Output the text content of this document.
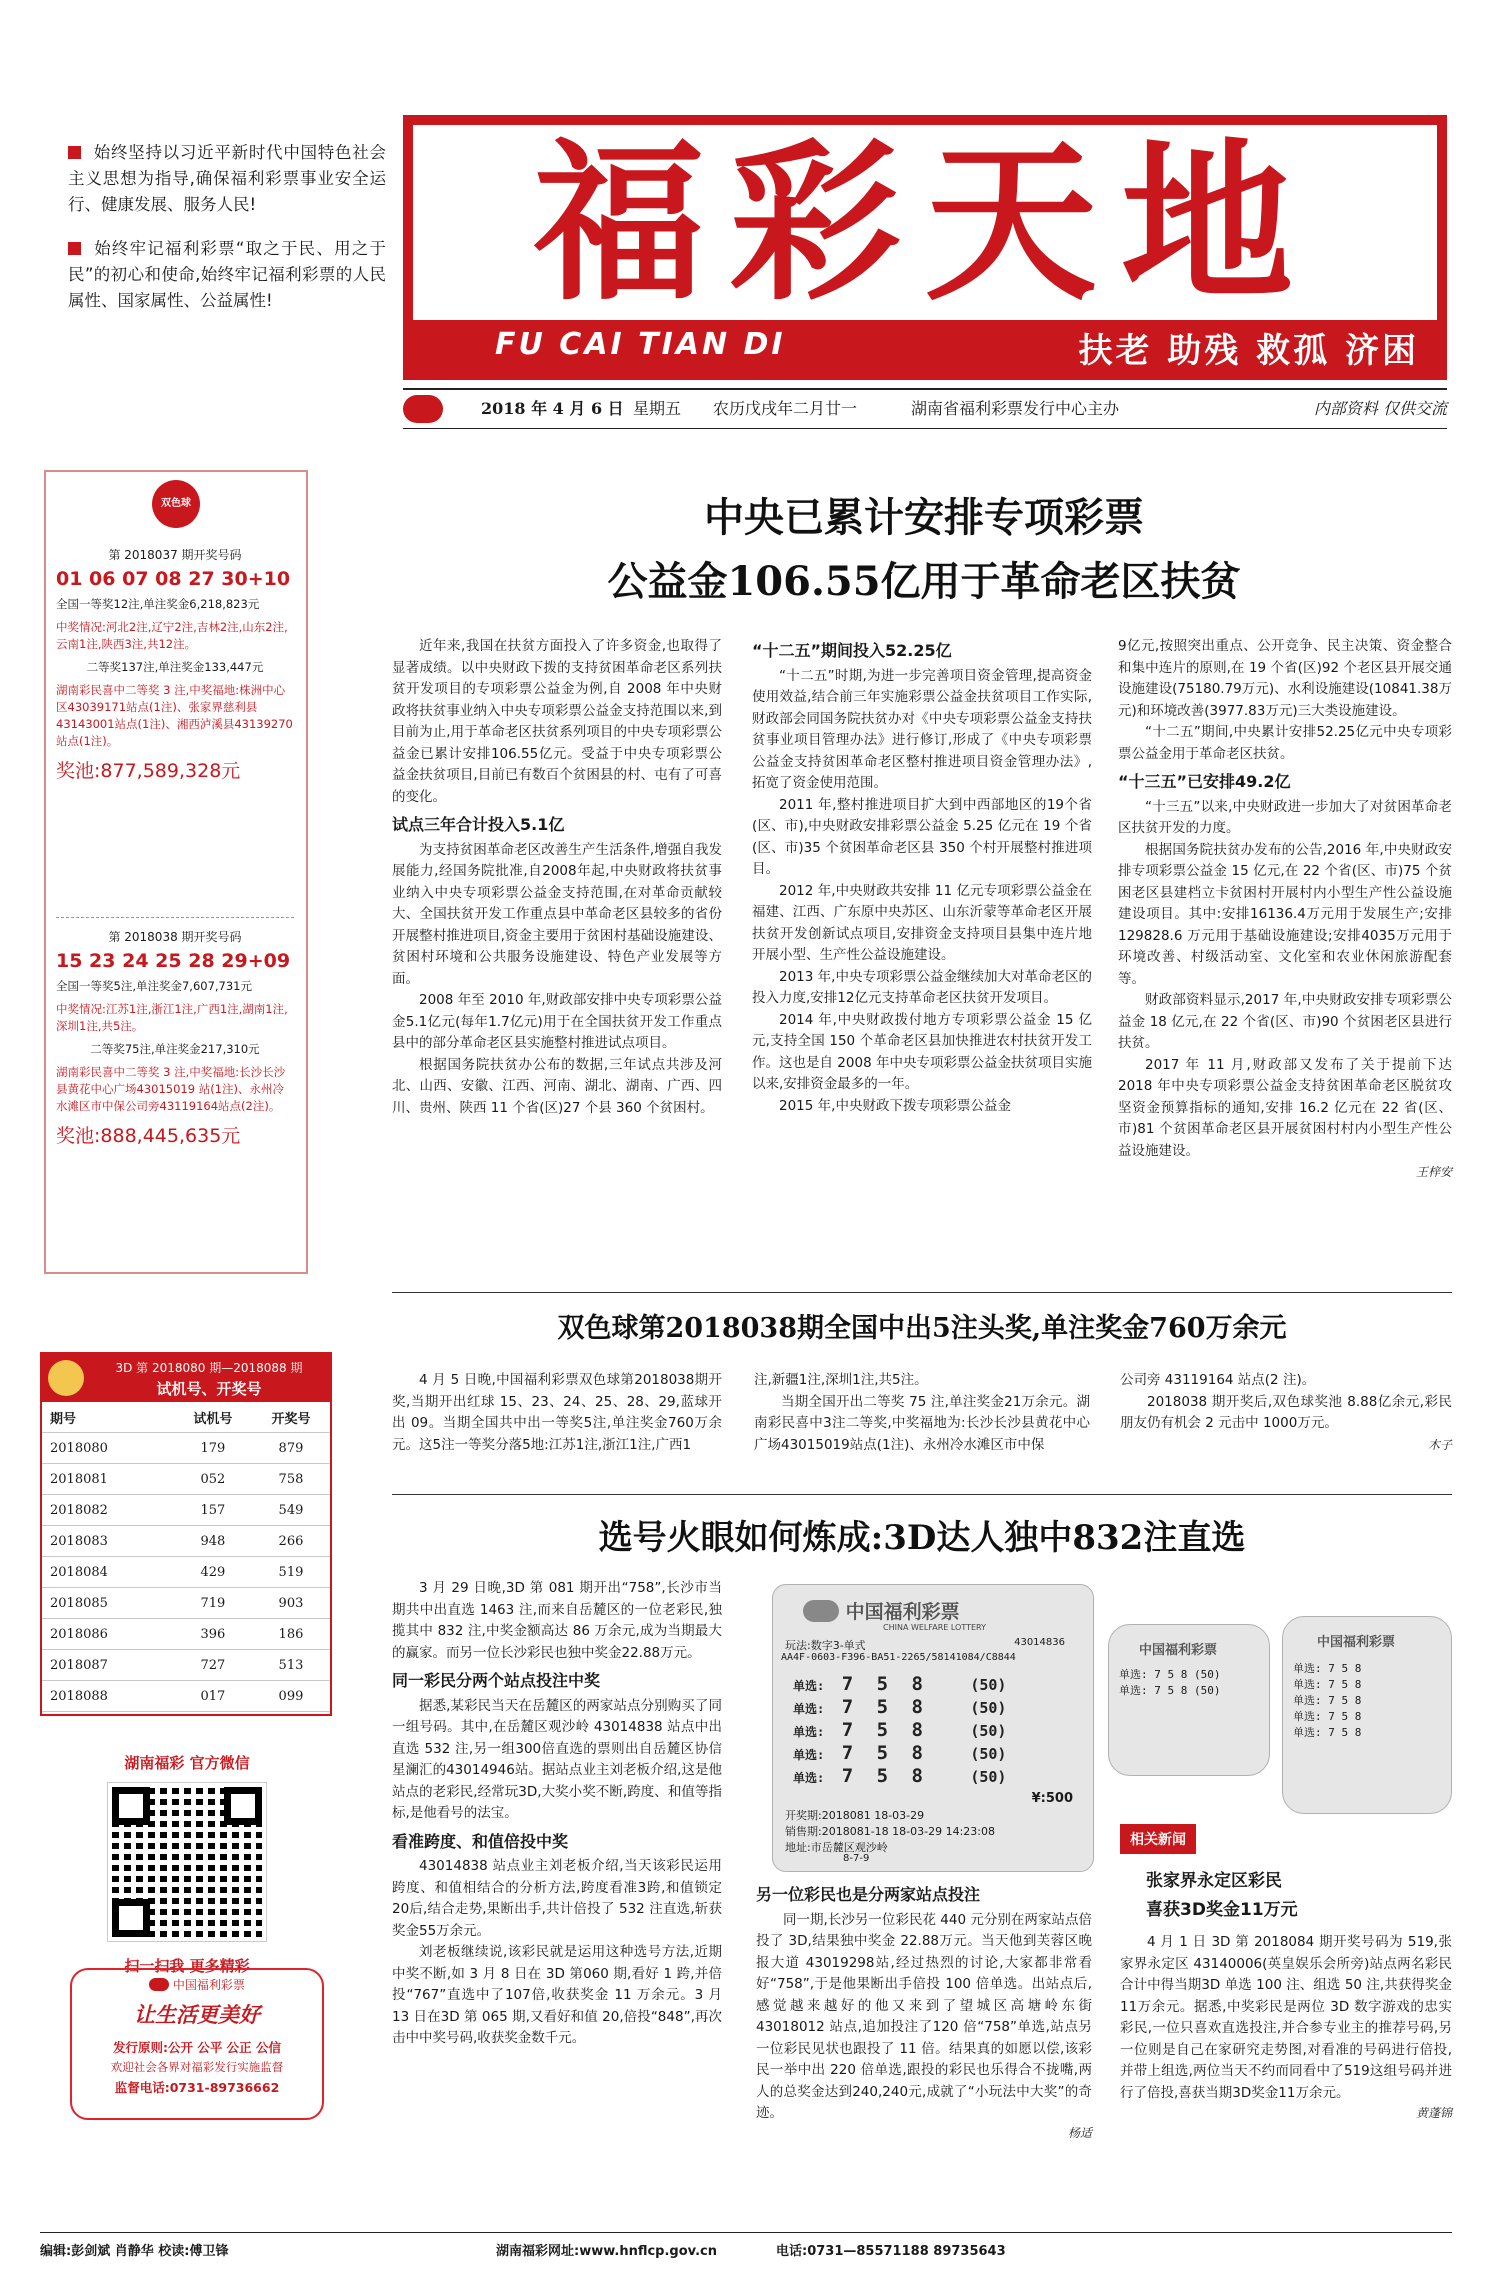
始终坚持以习近平新时代中国特色社会主义思想为指导,确保福利彩票事业安全运行、健康发展、服务人民!
始终牢记福利彩票“取之于民、用之于民”的初心和使命,始终牢记福利彩票的人民属性、国家属性、公益属性!	福彩天地
FU CAI TIAN DI	扶老 助残 救孤 济困
2018 年 4 月 6 日 星期五 农历戊戌年二月廿一	湖南省福利彩票发行中心主办	内部资料 仅供交流
双色球
第 2018037 期开奖号码
01 06 07 08 27 30+10
全国一等奖12注,单注奖金6,218,823元
中奖情况:河北2注,辽宁2注,吉林2注,山东2注,云南1注,陕西3注,共12注。
二等奖137注,单注奖金133,447元
湖南彩民喜中二等奖 3 注,中奖福地:株洲中心区43039171站点(1注)、张家界慈利县43143001站点(1注)、湘西泸溪县43139270站点(1注)。
奖池:877,589,328元
第 2018038 期开奖号码
15 23 24 25 28 29+09
全国一等奖5注,单注奖金7,607,731元
中奖情况:江苏1注,浙江1注,广西1注,湖南1注,深圳1注,共5注。
二等奖75注,单注奖金217,310元
湖南彩民喜中二等奖 3 注,中奖福地:长沙长沙县黄花中心广场43015019 站(1注)、永州冷水滩区市中保公司旁43119164站点(2注)。
奖池:888,445,635元
3D 第 2018080 期—2018088 期
试机号、开奖号
期号	试机号	开奖号
2018080	179	879
2018081	052	758
2018082	157	549
2018083	948	266
2018084	429	519
2018085	719	903
2018086	396	186
2018087	727	513
2018088	017	099
湖南福彩 官方微信
扫一扫我 更多精彩
中国福利彩票
让生活更美好
发行原则:公开 公平 公正 公信
欢迎社会各界对福彩发行实施监督
监督电话:0731-89736662
中央已累计安排专项彩票
公益金106.55亿用于革命老区扶贫

近年来,我国在扶贫方面投入了许多资金,也取得了显著成绩。以中央财政下拨的支持贫困革命老区系列扶贫开发项目的专项彩票公益金为例,自 2008 年中央财政将扶贫事业纳入中央专项彩票公益金支持范围以来,到目前为止,用于革命老区扶贫系列项目的中央专项彩票公益金已累计安排106.55亿元。受益于中央专项彩票公益金扶贫项目,目前已有数百个贫困县的村、屯有了可喜的变化。

试点三年合计投入5.1亿

为支持贫困革命老区改善生产生活条件,增强自我发展能力,经国务院批准,自2008年起,中央财政将扶贫事业纳入中央专项彩票公益金支持范围,在对革命贡献较大、全国扶贫开发工作重点县中革命老区县较多的省份开展整村推进项目,资金主要用于贫困村基础设施建设、贫困村环境和公共服务设施建设、特色产业发展等方面。

2008 年至 2010 年,财政部安排中央专项彩票公益金5.1亿元(每年1.7亿元)用于在全国扶贫开发工作重点县中的部分革命老区县实施整村推进试点项目。

根据国务院扶贫办公布的数据,三年试点共涉及河北、山西、安徽、江西、河南、湖北、湖南、广西、四川、贵州、陕西 11 个省(区)27 个县 360 个贫困村。

“十二五”期间投入52.25亿

“十二五”时期,为进一步完善项目资金管理,提高资金使用效益,结合前三年实施彩票公益金扶贫项目工作实际,财政部会同国务院扶贫办对《中央专项彩票公益金支持扶贫事业项目管理办法》进行修订,形成了《中央专项彩票公益金支持贫困革命老区整村推进项目资金管理办法》,拓宽了资金使用范围。

2011 年,整村推进项目扩大到中西部地区的19个省(区、市),中央财政安排彩票公益金 5.25 亿元在 19 个省(区、市)35 个贫困革命老区县 350 个村开展整村推进项目。

2012 年,中央财政共安排 11 亿元专项彩票公益金在福建、江西、广东原中央苏区、山东沂蒙等革命老区开展扶贫开发创新试点项目,安排资金支持项目县集中连片地开展小型、生产性公益设施建设。

2013 年,中央专项彩票公益金继续加大对革命老区的投入力度,安排12亿元支持革命老区扶贫开发项目。

2014 年,中央财政拨付地方专项彩票公益金 15 亿元,支持全国 150 个革命老区县加快推进农村扶贫开发工作。这也是自 2008 年中央专项彩票公益金扶贫项目实施以来,安排资金最多的一年。

2015 年,中央财政下拨专项彩票公益金

9亿元,按照突出重点、公开竞争、民主决策、资金整合和集中连片的原则,在 19 个省(区)92 个老区县开展交通设施建设(75180.79万元)、水利设施建设(10841.38万元)和环境改善(3977.83万元)三大类设施建设。

“十二五”期间,中央累计安排52.25亿元中央专项彩票公益金用于革命老区扶贫。

“十三五”已安排49.2亿

“十三五”以来,中央财政进一步加大了对贫困革命老区扶贫开发的力度。

根据国务院扶贫办发布的公告,2016 年,中央财政安排专项彩票公益金 15 亿元,在 22 个省(区、市)75 个贫困老区县建档立卡贫困村开展村内小型生产性公益设施建设项目。其中:安排16136.4万元用于发展生产;安排 129828.6 万元用于基础设施建设;安排4035万元用于环境改善、村级活动室、文化室和农业休闲旅游配套等。

财政部资料显示,2017 年,中央财政安排专项彩票公益金 18 亿元,在 22 个省(区、市)90 个贫困老区县进行扶贫。

2017 年 11 月,财政部又发布了关于提前下达 2018 年中央专项彩票公益金支持贫困革命老区脱贫攻坚资金预算指标的通知,安排 16.2 亿元在 22 省(区、市)81 个贫困革命老区县开展贫困村村内小型生产性公益设施建设。

王梓安
双色球第2018038期全国中出5注头奖,单注奖金760万余元

4 月 5 日晚,中国福利彩票双色球第2018038期开奖,当期开出红球 15、23、24、25、28、29,蓝球开出 09。当期全国共中出一等奖5注,单注奖金760万余元。这5注一等奖分落5地:江苏1注,浙江1注,广西1

注,新疆1注,深圳1注,共5注。

当期全国开出二等奖 75 注,单注奖金21万余元。湖南彩民喜中3注二等奖,中奖福地为:长沙长沙县黄花中心广场43015019站点(1注)、永州冷水滩区市中保

公司旁 43119164 站点(2 注)。

2018038 期开奖后,双色球奖池 8.88亿余元,彩民朋友仍有机会 2 元击中 1000万元。

木子
选号火眼如何炼成:3D达人独中832注直选

3 月 29 日晚,3D 第 081 期开出“758”,长沙市当期共中出直选 1463 注,而来自岳麓区的一位老彩民,独揽其中 832 注,中奖金额高达 86 万余元,成为当期最大的赢家。而另一位长沙彩民也独中奖金22.88万元。

同一彩民分两个站点投注中奖

据悉,某彩民当天在岳麓区的两家站点分别购买了同一组号码。其中,在岳麓区观沙岭 43014838 站点中出直选 532 注,另一组300倍直选的票则出自岳麓区协信星澜汇的43014946站。据站点业主刘老板介绍,这是他站点的老彩民,经常玩3D,大奖小奖不断,跨度、和值等指标,是他看号的法宝。

看准跨度、和值倍投中奖

43014838 站点业主刘老板介绍,当天该彩民运用跨度、和值相结合的分析方法,跨度看准3跨,和值锁定20后,结合走势,果断出手,共计倍投了 532 注直选,斩获奖金55万余元。

刘老板继续说,该彩民就是运用这种选号方法,近期中奖不断,如 3 月 8 日在 3D 第060 期,看好 1 跨,并倍投“767”直选中了107倍,收获奖金 11 万余元。3 月 13 日在3D 第 065 期,又看好和值 20,倍投“848”,再次击中中奖号码,收获奖金数千元。

中国福利彩票
CHINA WELFARE LOTTERY
玩法:数字3-单式	43014836
AA4F-0603-F396-BA51-2265/58141084/C8844
单选: 7 5 8	(50)
单选: 7 5 8	(50)
单选: 7 5 8	(50)
单选: 7 5 8	(50)
单选: 7 5 8	(50)
¥:500
开奖期:2018081 18-03-29
销售期:2018081-18 18-03-29 14:23:08
地址:市岳麓区观沙岭
8-7-9
中国福利彩票
单选: 7 5 8 (50)
单选: 7 5 8 (50)
中国福利彩票
单选: 7 5 8
单选: 7 5 8
单选: 7 5 8
单选: 7 5 8
单选: 7 5 8
另一位彩民也是分两家站点投注

同一期,长沙另一位彩民花 440 元分别在两家站点倍投了 3D,结果独中奖金 22.88万元。当天他到芙蓉区晚报大道 43019298站,经过热烈的讨论,大家都非常看好“758”,于是他果断出手倍投 100 倍单选。出站点后,感觉越来越好的他又来到了望城区高塘岭东街 43018012 站点,追加投注了120 倍“758”单选,站点另一位彩民见状也跟投了 11 倍。结果真的如愿以偿,该彩民一举中出 220 倍单选,跟投的彩民也乐得合不拢嘴,两人的总奖金达到240,240元,成就了“小玩法中大奖”的奇迹。

杨适
相关新闻
张家界永定区彩民
喜获3D奖金11万元

4 月 1 日 3D 第 2018084 期开奖号码为 519,张家界永定区 43140006(英皇娱乐会所旁)站点两名彩民合计中得当期3D 单选 100 注、组选 50 注,共获得奖金 11万余元。据悉,中奖彩民是两位 3D 数字游戏的忠实彩民,一位只喜欢直选投注,并合参专业主的推荐号码,另一位则是自己在家研究走势图,对看准的号码进行倍投,并带上组选,两位当天不约而同看中了519这组号码并进行了倍投,喜获当期3D奖金11万余元。

黄蓬锦
编辑:彭剑斌 肖静华 校读:傅卫锋	湖南福彩网址:www.hnflcp.gov.cn	电话:0731—85571188 89735643
